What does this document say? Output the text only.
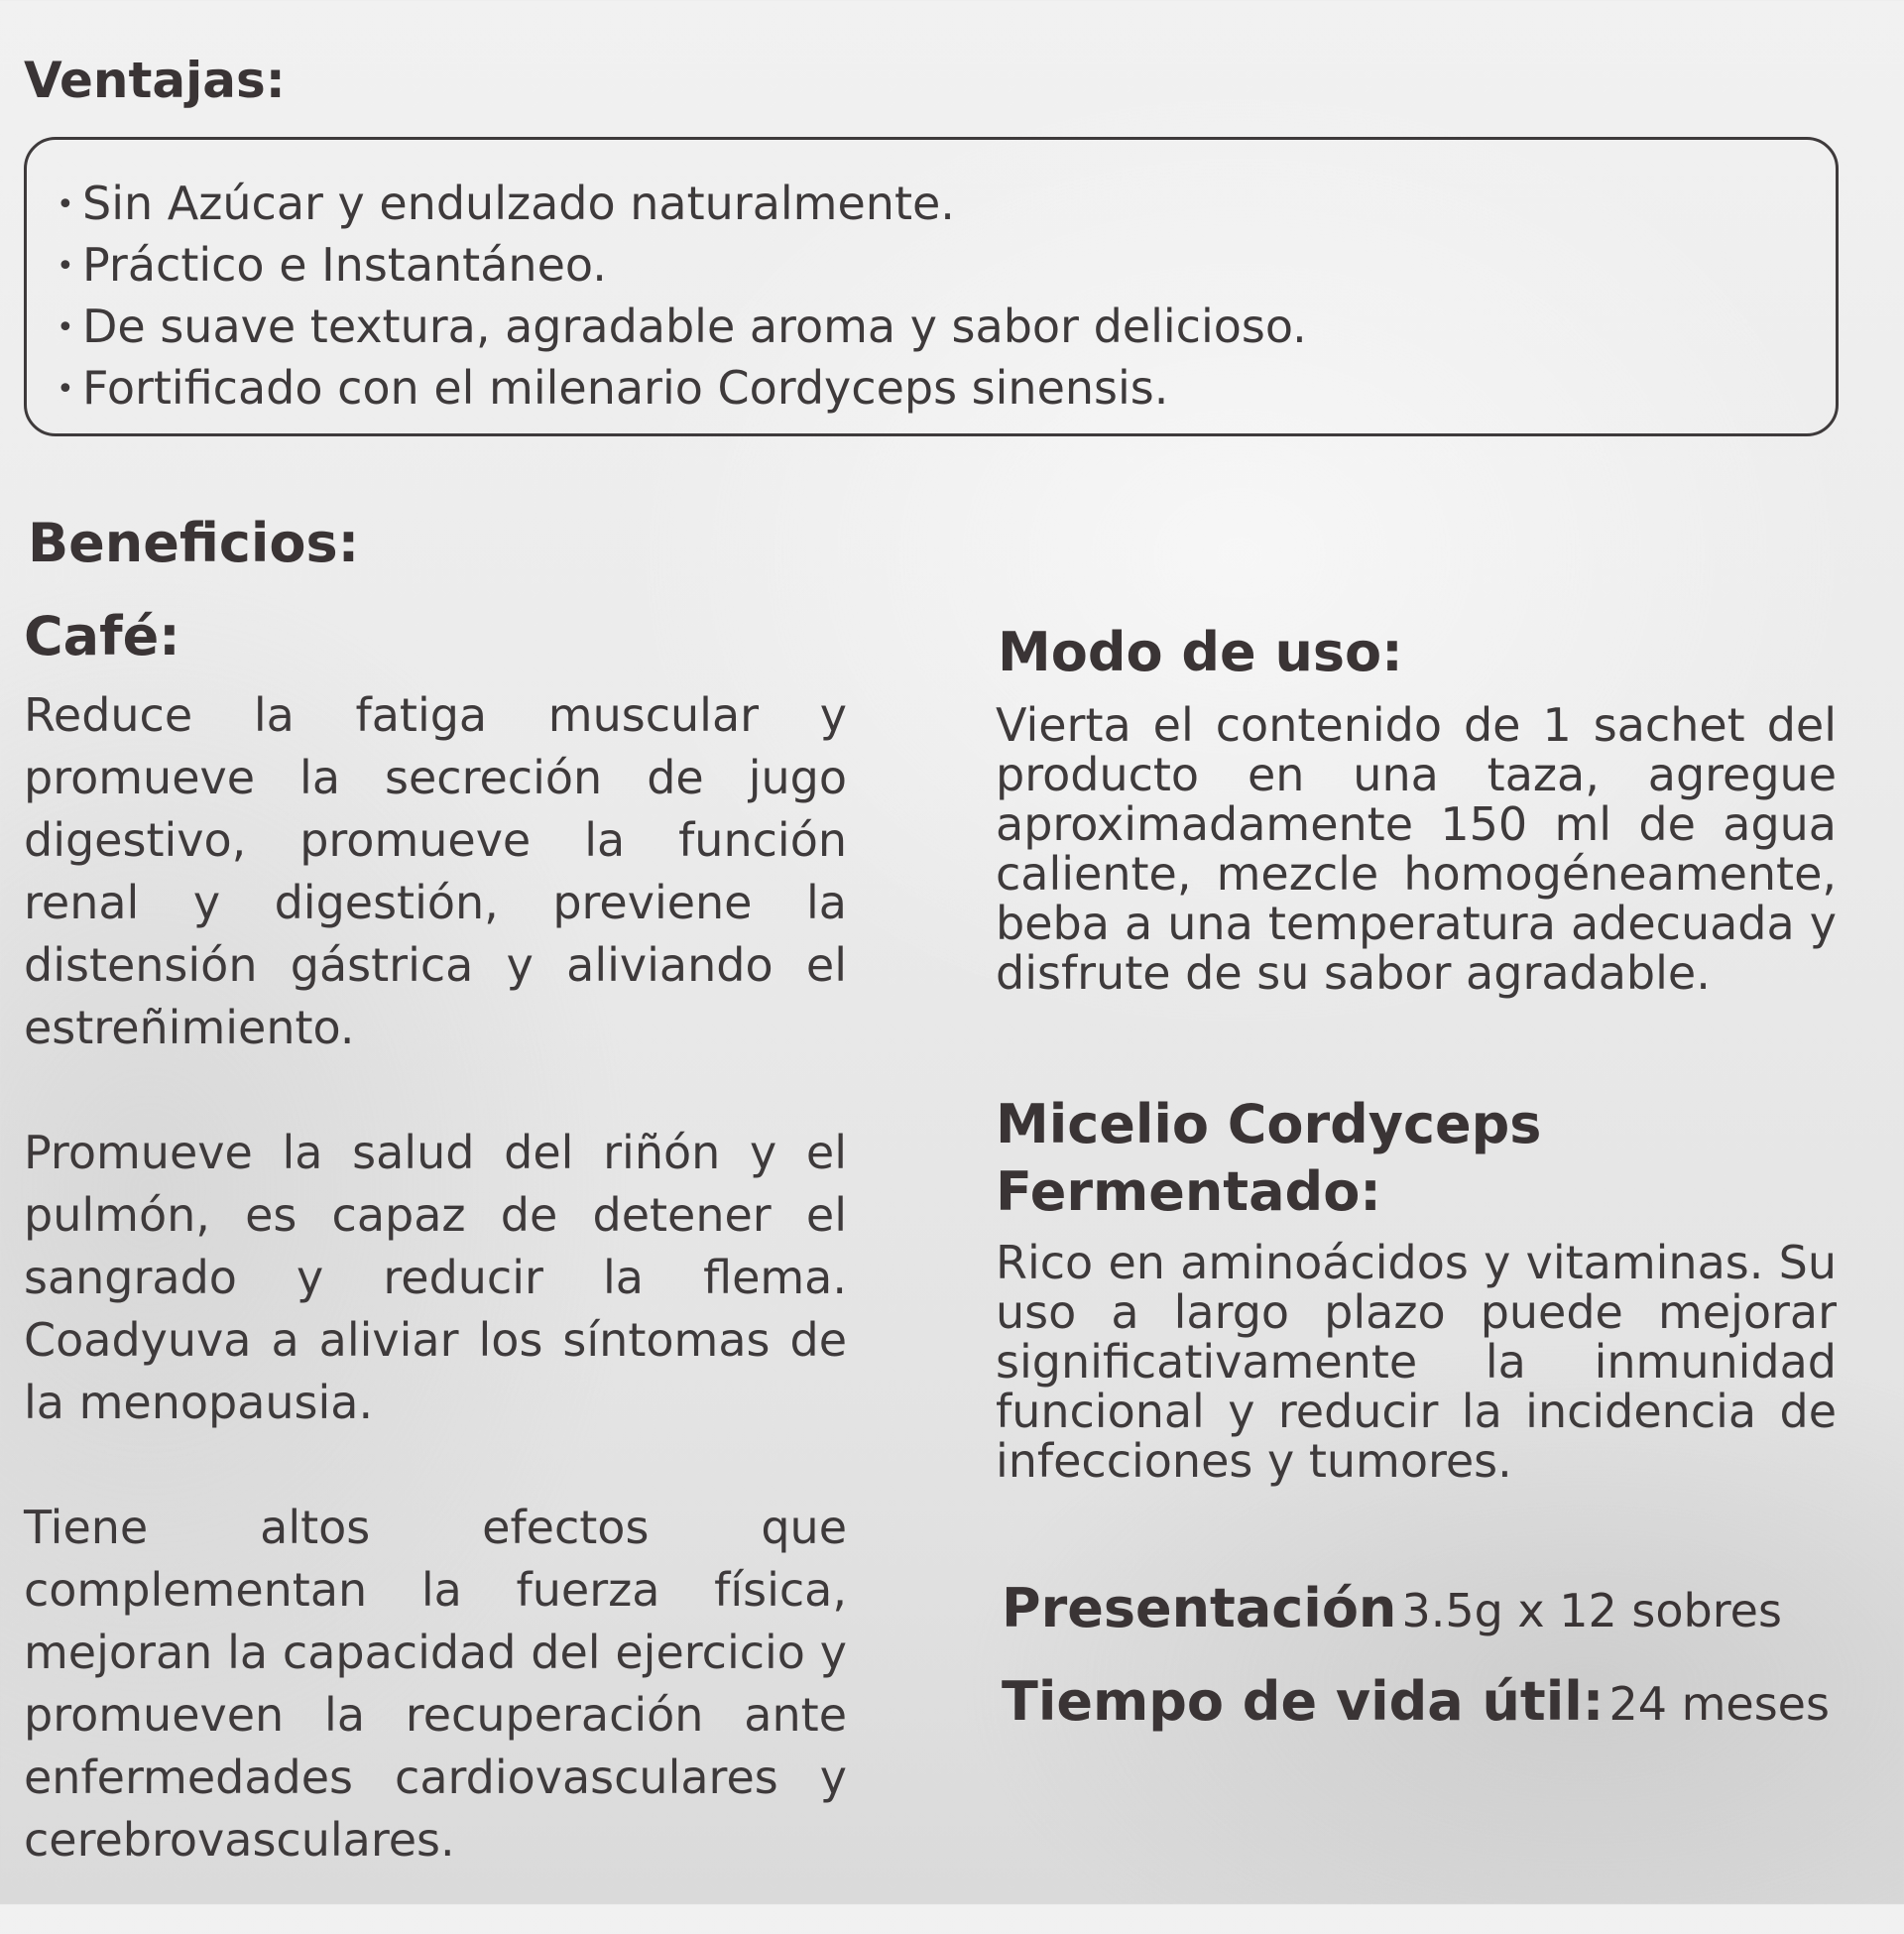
Ventajas:
• Sin Azúcar y endulzado naturalmente.
• Práctico e Instantáneo.
• De suave textura, agradable aroma y sabor delicioso.
• Fortificado con el milenario Cordyceps sinensis.
Beneficios:
Café:

Reduce la fatiga muscular y promueve la secreción de jugo digestivo, promueve la función renal y digestión, previene la distensión gástrica y aliviando el estreñimiento.

Promueve la salud del riñón y el pulmón, es capaz de detener el sangrado y reducir la flema. Coadyuva a aliviar los síntomas de la menopausia.

Tiene altos efectos que complementan la fuerza física, mejoran la capacidad del ejercicio y promueven la recuperación ante enfermedades cardiovasculares y cerebrovasculares.

Modo de uso:

Vierta el contenido de 1 sachet del producto en una taza, agregue aproximadamente 150 ml de agua caliente, mezcle homogéneamente, beba a una temperatura adecuada y disfrute de su sabor agradable.

Micelio Cordyceps Fermentado:

Rico en aminoácidos y vitaminas. Su uso a largo plazo puede mejorar significativamente la inmunidad funcional y reducir la incidencia de infecciones y tumores.

Presentación 3.5g x 12 sobres
Tiempo de vida útil: 24 meses
